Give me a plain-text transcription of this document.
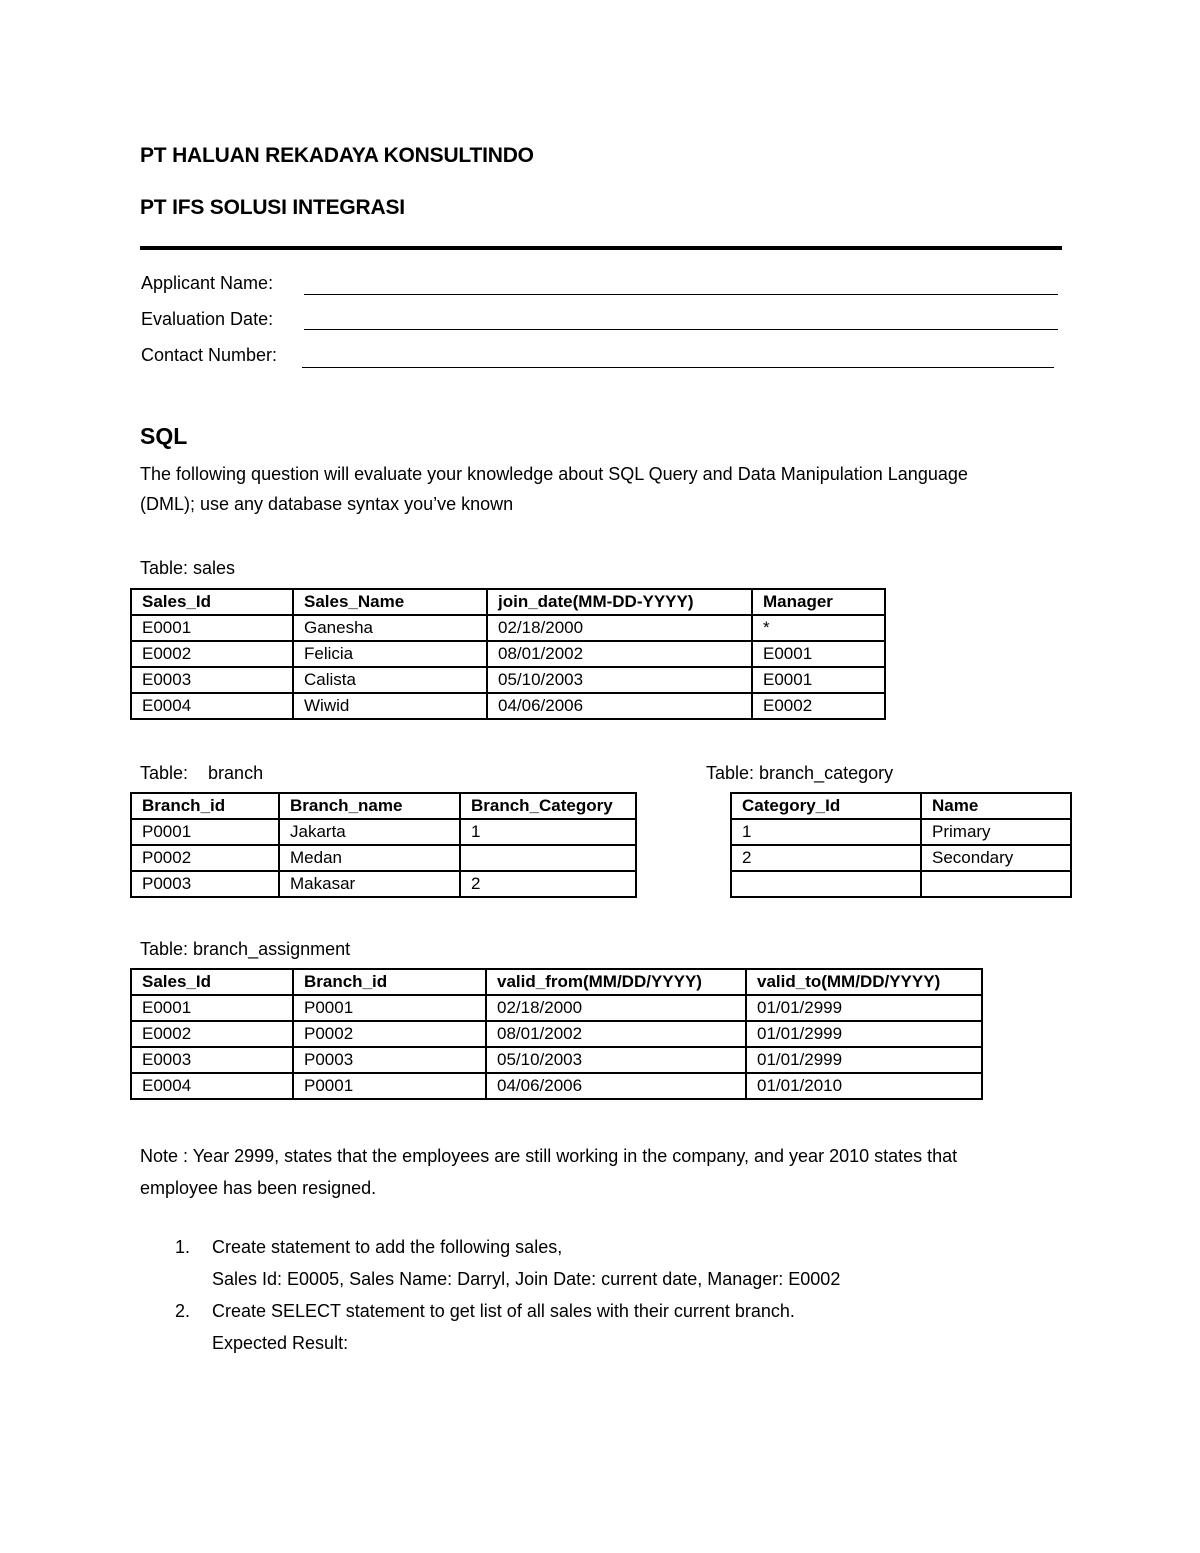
PT HALUAN REKADAYA KONSULTINDO
PT IFS SOLUSI INTEGRASI
Applicant Name:
Evaluation Date:
Contact Number:
SQL
The following question will evaluate your knowledge about SQL Query and Data Manipulation Language
(DML); use any database syntax you’ve known
Table: sales
Sales_Id	Sales_Name	join_date(MM-DD-YYYY)	Manager
E0001	Ganesha	02/18/2000	*
E0002	Felicia	08/01/2002	E0001
E0003	Calista	05/10/2003	E0001
E0004	Wiwid	04/06/2006	E0002
Table:    branch
Branch_id	Branch_name	Branch_Category
P0001	Jakarta	1
P0002	Medan	
P0003	Makasar	2
Table: branch_category
Category_Id	Name
1	Primary
2	Secondary

Table: branch_assignment
Sales_Id	Branch_id	valid_from(MM/DD/YYYY)	valid_to(MM/DD/YYYY)
E0001	P0001	02/18/2000	01/01/2999
E0002	P0002	08/01/2002	01/01/2999
E0003	P0003	05/10/2003	01/01/2999
E0004	P0001	04/06/2006	01/01/2010
Note : Year 2999, states that the employees are still working in the company, and year 2010 states that
employee has been resigned.
1. Create statement to add the following sales,
Sales Id: E0005, Sales Name: Darryl, Join Date: current date, Manager: E0002
2. Create SELECT statement to get list of all sales with their current branch.
Expected Result:
